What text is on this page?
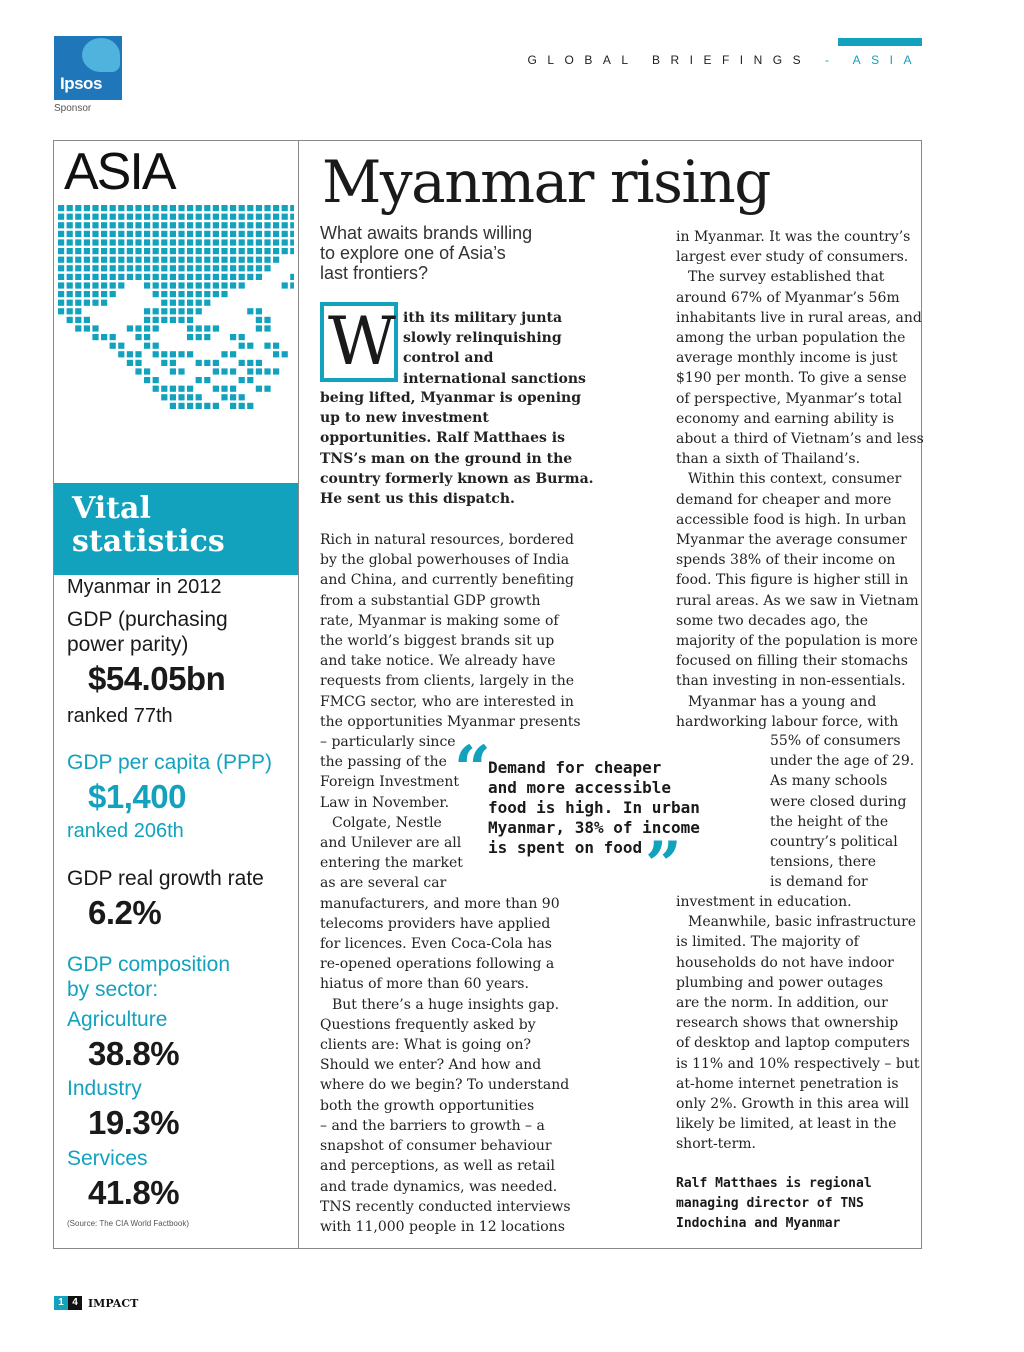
Ipsos
Sponsor
GLOBAL BRIEFINGS - ASIA
ASIA
Vital
statistics
Myanmar in 2012
GDP (purchasing
power parity)
$54.05bn
ranked 77th
GDP per capita (PPP)
$1,400
ranked 206th
GDP real growth rate
6.2%
GDP composition
by sector:
Agriculture
38.8%
Industry
19.3%
Services
41.8%
(Source: The CIA World Factbook)
Myanmar rising
What awaits brands willing
to explore one of Asia’s
last frontiers?
W ith its military junta
slowly relinquishing
control and
international sanctions
being lifted, Myanmar is opening
up to new investment
opportunities. Ralf Matthaes is
TNS’s man on the ground in the
country formerly known as Burma.
He sent us this dispatch.
Rich in natural resources, bordered
by the global powerhouses of India
and China, and currently benefiting
from a substantial GDP growth
rate, Myanmar is making some of
the world’s biggest brands sit up
and take notice. We already have
requests from clients, largely in the
FMCG sector, who are interested in
the opportunities Myanmar presents
– particularly since
the passing of the
Foreign Investment
Law in November.
Colgate, Nestle
and Unilever are all
entering the market
as are several car
manufacturers, and more than 90
telecoms providers have applied
for licences. Even Coca-Cola has
re-opened operations following a
hiatus of more than 60 years.
But there’s a huge insights gap.
Questions frequently asked by
clients are: What is going on?
Should we enter? And how and
where do we begin? To understand
both the growth opportunities
– and the barriers to growth – a
snapshot of consumer behaviour
and perceptions, as well as retail
and trade dynamics, was needed.
TNS recently conducted interviews
with 11,000 people in 12 locations
in Myanmar. It was the country’s
largest ever study of consumers.
The survey established that
around 67% of Myanmar’s 56m
inhabitants live in rural areas, and
among the urban population the
average monthly income is just
$190 per month. To give a sense
of perspective, Myanmar’s total
economy and earning ability is
about a third of Vietnam’s and less
than a sixth of Thailand’s.
Within this context, consumer
demand for cheaper and more
accessible food is high. In urban
Myanmar the average consumer
spends 38% of their income on
food. This figure is higher still in
rural areas. As we saw in Vietnam
some two decades ago, the
majority of the population is more
focused on filling their stomachs
than investing in non-essentials.
Myanmar has a young and
hardworking labour force, with
55% of consumers
under the age of 29.
As many schools
were closed during
the height of the
country’s political
tensions, there
is demand for
investment in education.
Meanwhile, basic infrastructure
is limited. The majority of
households do not have indoor
plumbing and power outages
are the norm. In addition, our
research shows that ownership
of desktop and laptop computers
is 11% and 10% respectively – but
at-home internet penetration is
only 2%. Growth in this area will
likely be limited, at least in the
short-term.
“
Demand for cheaper
and more accessible
food is high. In urban
Myanmar, 38% of income
is spent on food ”
Ralf Matthaes is regional
managing director of TNS
Indochina and Myanmar
1 4 IMPACT
